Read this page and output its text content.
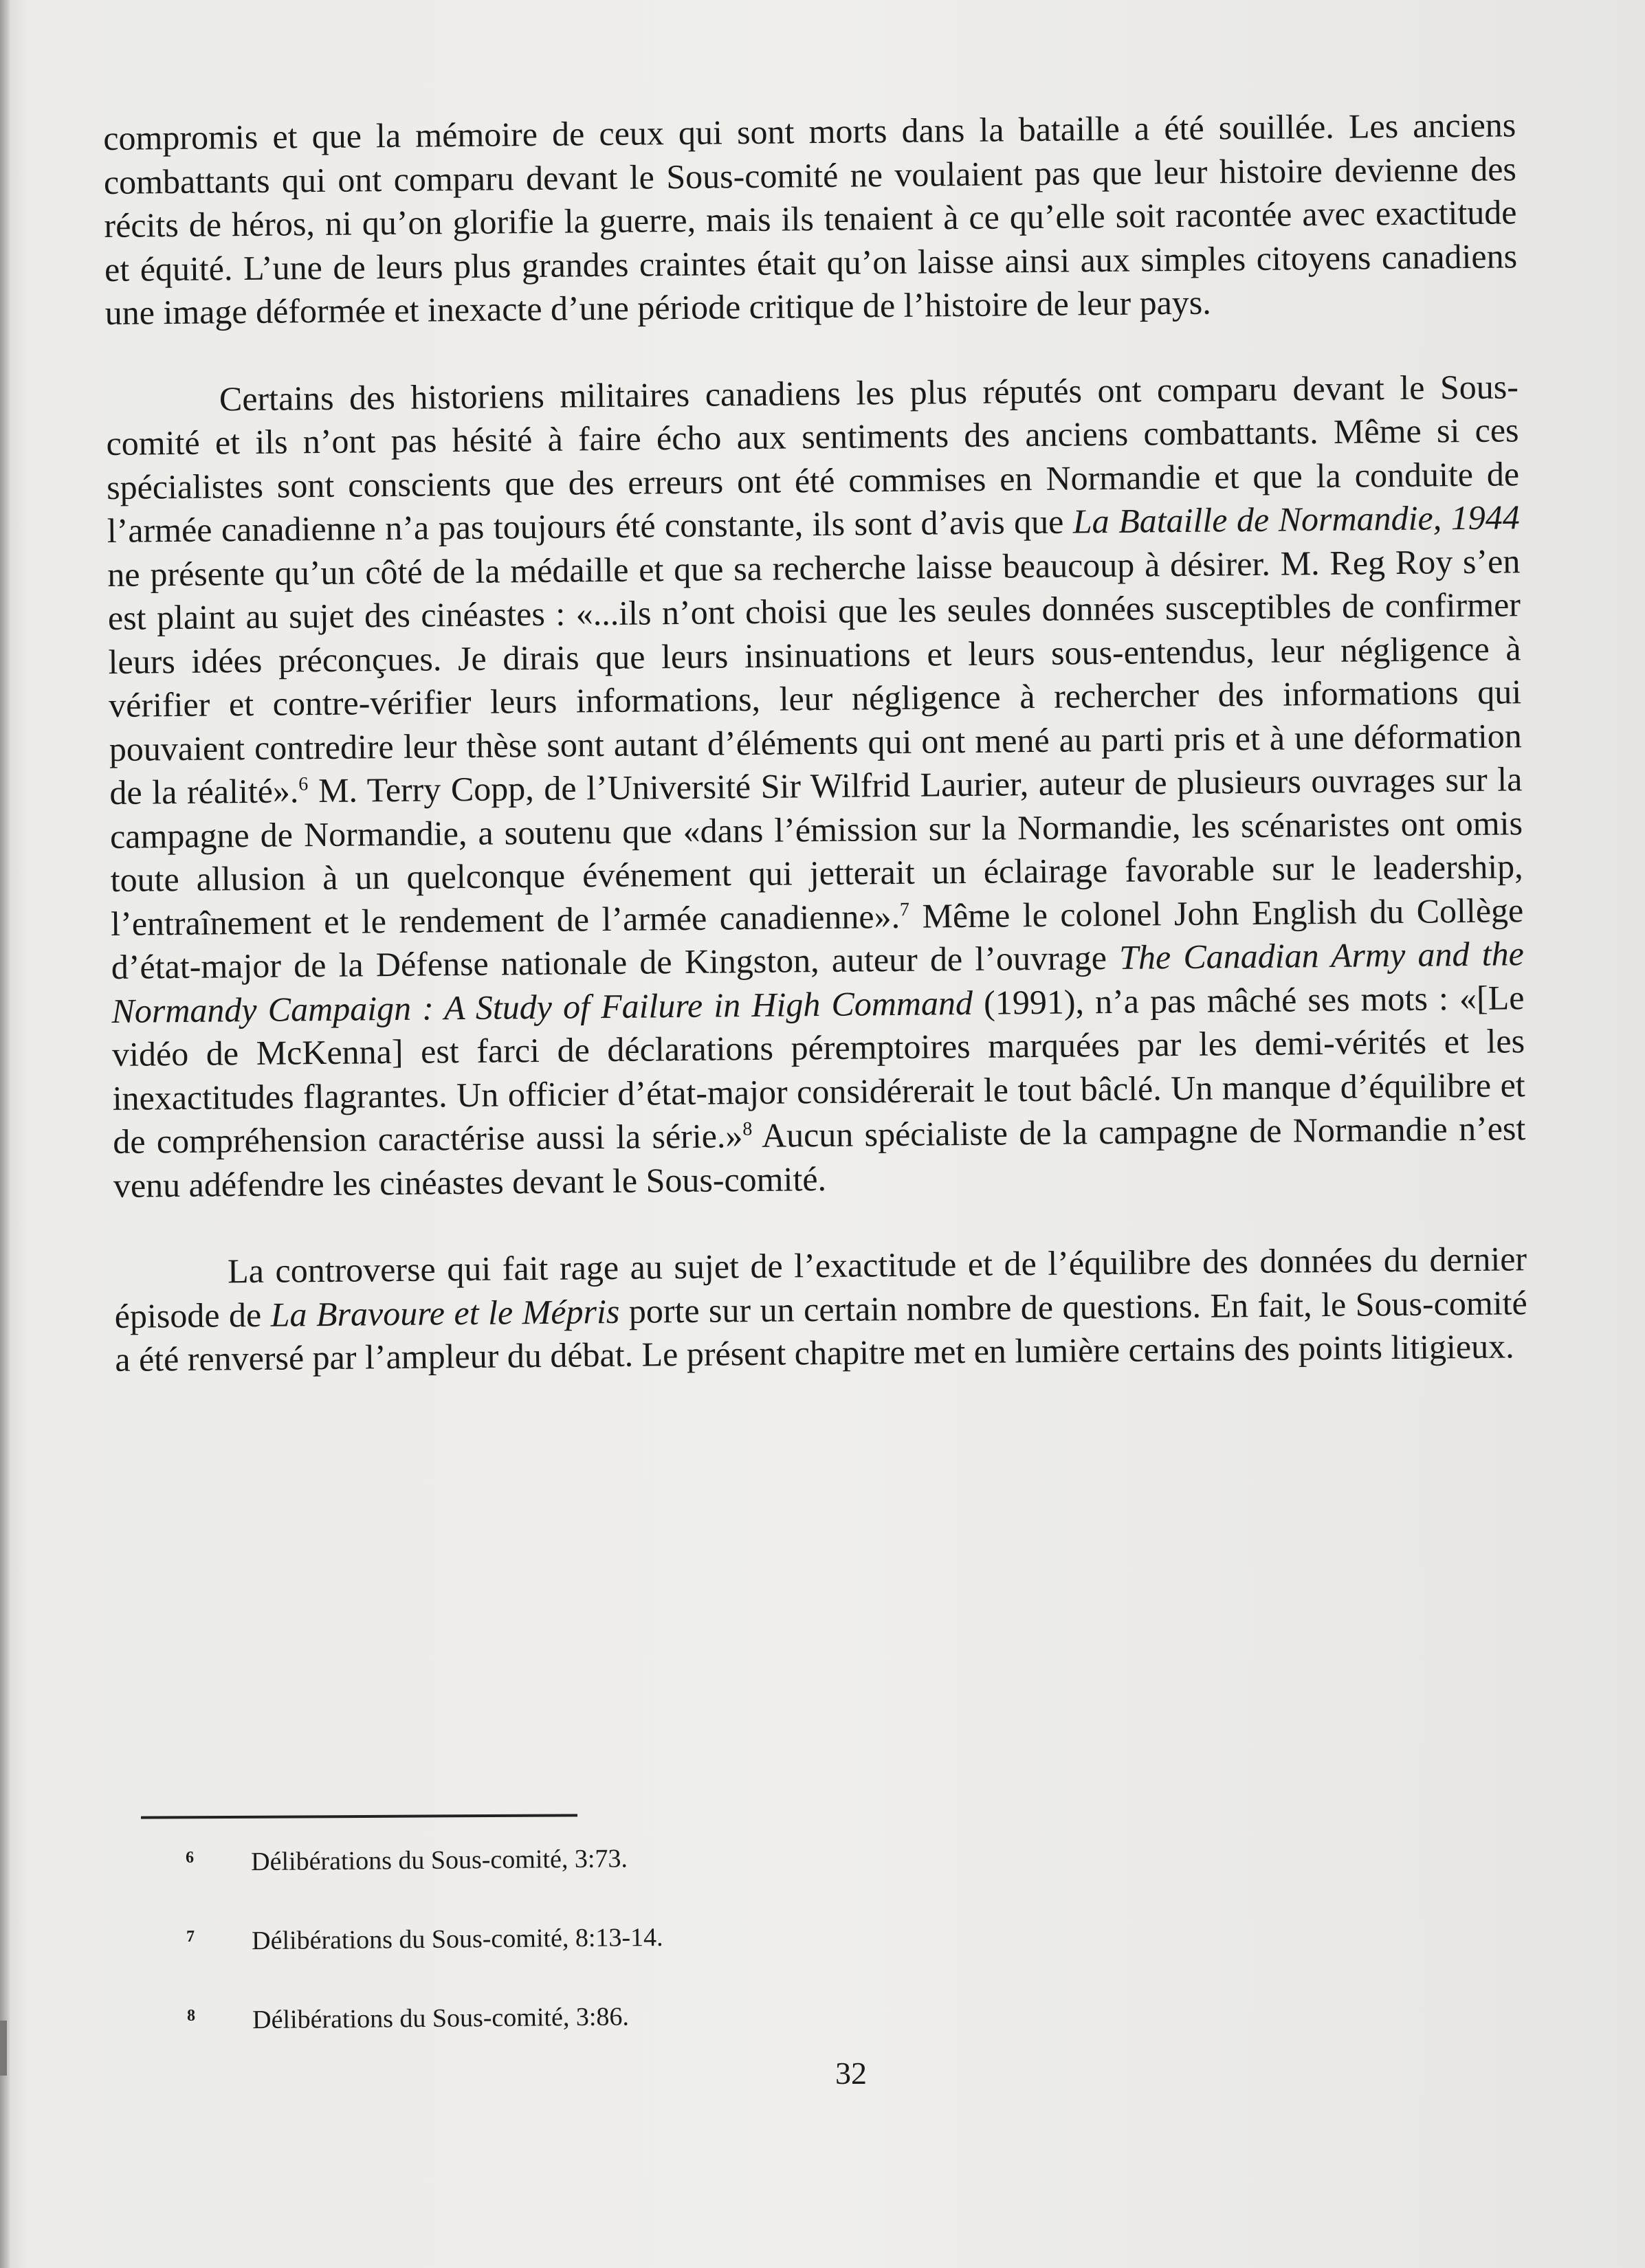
compromis et que la mémoire de ceux qui sont morts dans la bataille a été souillée. Les anciens combattants qui ont comparu devant le Sous-comité ne voulaient pas que leur histoire devienne des récits de héros, ni qu’on glorifie la guerre, mais ils tenaient à ce qu’elle soit racontée avec exactitude et équité. L’une de leurs plus grandes craintes était qu’on laisse ainsi aux simples citoyens canadiens une image déformée et inexacte d’une période critique de l’histoire de leur pays.

Certains des historiens militaires canadiens les plus réputés ont comparu devant le Sous-comité et ils n’ont pas hésité à faire écho aux sentiments des anciens combattants. Même si ces spécialistes sont conscients que des erreurs ont été commises en Normandie et que la conduite de l’armée canadienne n’a pas toujours été constante, ils sont d’avis que La Bataille de Normandie, 1944 ne présente qu’un côté de la médaille et que sa recherche laisse beaucoup à désirer. M. Reg Roy s’en est plaint au sujet des cinéastes : «...ils n’ont choisi que les seules données susceptibles de confirmer leurs idées préconçues. Je dirais que leurs insinuations et leurs sous-entendus, leur négligence à vérifier et contre-vérifier leurs informations, leur négligence à rechercher des informations qui pouvaient contredire leur thèse sont autant d’éléments qui ont mené au parti pris et à une déformation de la réalité».$^6$ M. Terry Copp, de l’Université Sir Wilfrid Laurier, auteur de plusieurs ouvrages sur la campagne de Normandie, a soutenu que «dans l’émission sur la Normandie, les scénaristes ont omis toute allusion à un quelconque événement qui jetterait un éclairage favorable sur le leadership, l’entraînement et le rendement de l’armée canadienne».$^7$ Même le colonel John English du Collège d’état-major de la Défense nationale de Kingston, auteur de l’ouvrage The Canadian Army and the Normandy Campaign : A Study of Failure in High Command (1991), n’a pas mâché ses mots : «[Le vidéo de McKenna] est farci de déclarations péremptoires marquées par les demi-vérités et les inexactitudes flagrantes. Un officier d’état-major considérerait le tout bâclé. Un manque d’équilibre et de compréhension caractérise aussi la série.»$^8$ Aucun spécialiste de la campagne de Normandie n’est venu adéfendre les cinéastes devant le Sous-comité.

La controverse qui fait rage au sujet de l’exactitude et de l’équilibre des données du dernier épisode de La Bravoure et le Mépris porte sur un certain nombre de questions. En fait, le Sous-comité a été renversé par l’ampleur du débat. Le présent chapitre met en lumière certains des points litigieux.

6 Délibérations du Sous-comité, 3:73.
7 Délibérations du Sous-comité, 8:13-14.
8 Délibérations du Sous-comité, 3:86.
32
